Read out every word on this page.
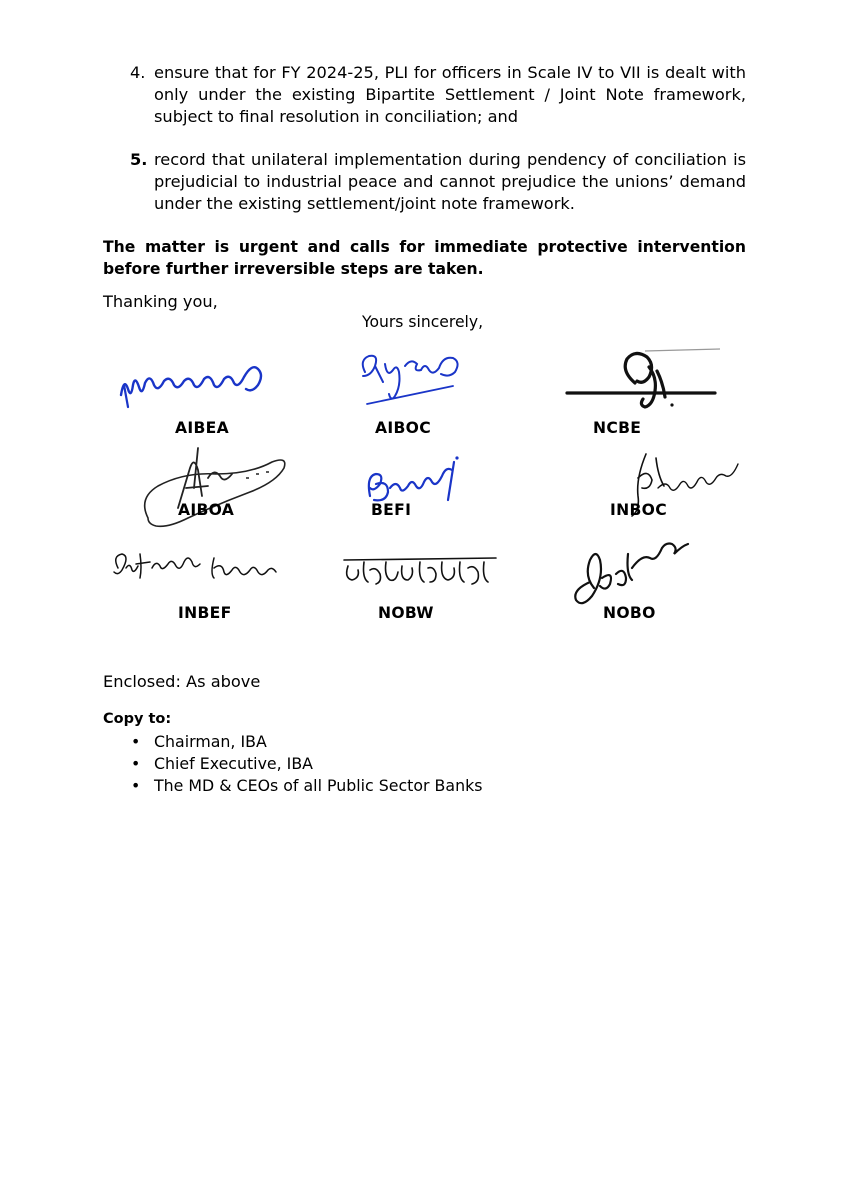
4. ensure that for FY 2024-25, PLI for officers in Scale IV to VII is dealt with only under the existing Bipartite Settlement / Joint Note framework, subject to final resolution in conciliation; and
5. record that unilateral implementation during pendency of conciliation is prejudicial to industrial peace and cannot prejudice the unions’ demand under the existing settlement/joint note framework.
The matter is urgent and calls for immediate protective intervention before further irreversible steps are taken.
Thanking you,
Yours sincerely,
AIBEA	AIBOC	NCBE
AIBOA	BEFI	INBOC
INBEF	NOBW	NOBO
Enclosed: As above
Copy to:
• Chairman, IBA
• Chief Executive, IBA
• The MD & CEOs of all Public Sector Banks
